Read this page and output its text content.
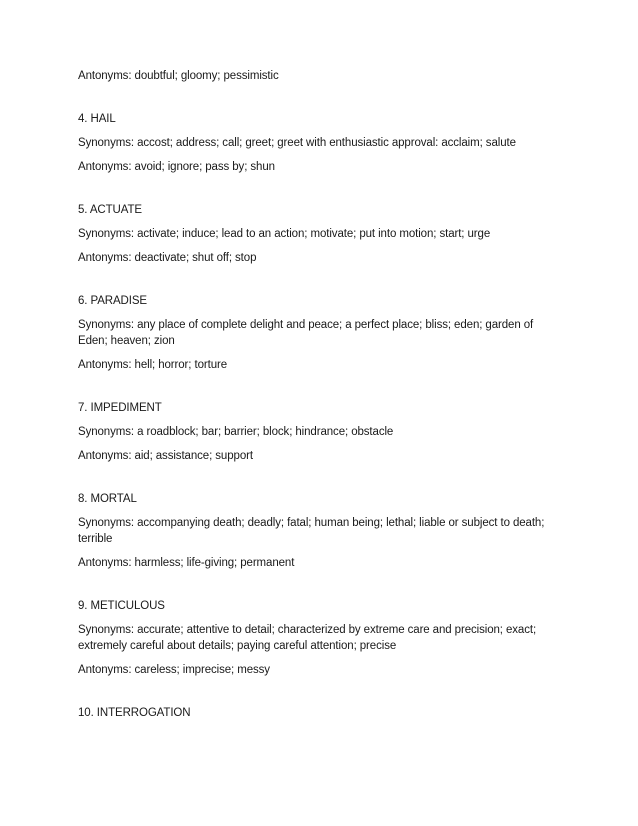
Antonyms: doubtful; gloomy; pessimistic

4. HAIL

Synonyms: accost; address; call; greet; greet with enthusiastic approval: acclaim; salute

Antonyms: avoid; ignore; pass by; shun

5. ACTUATE

Synonyms: activate; induce; lead to an action; motivate; put into motion; start; urge

Antonyms: deactivate; shut off; stop

6. PARADISE

Synonyms: any place of complete delight and peace; a perfect place; bliss; eden; garden of Eden; heaven; zion

Antonyms: hell; horror; torture

7. IMPEDIMENT

Synonyms: a roadblock; bar; barrier; block; hindrance; obstacle

Antonyms: aid; assistance; support

8. MORTAL

Synonyms: accompanying death; deadly; fatal; human being; lethal; liable or subject to death; terrible

Antonyms: harmless; life-giving; permanent

9. METICULOUS

Synonyms: accurate; attentive to detail; characterized by extreme care and precision; exact; extremely careful about details; paying careful attention; precise

Antonyms: careless; imprecise; messy

10. INTERROGATION
